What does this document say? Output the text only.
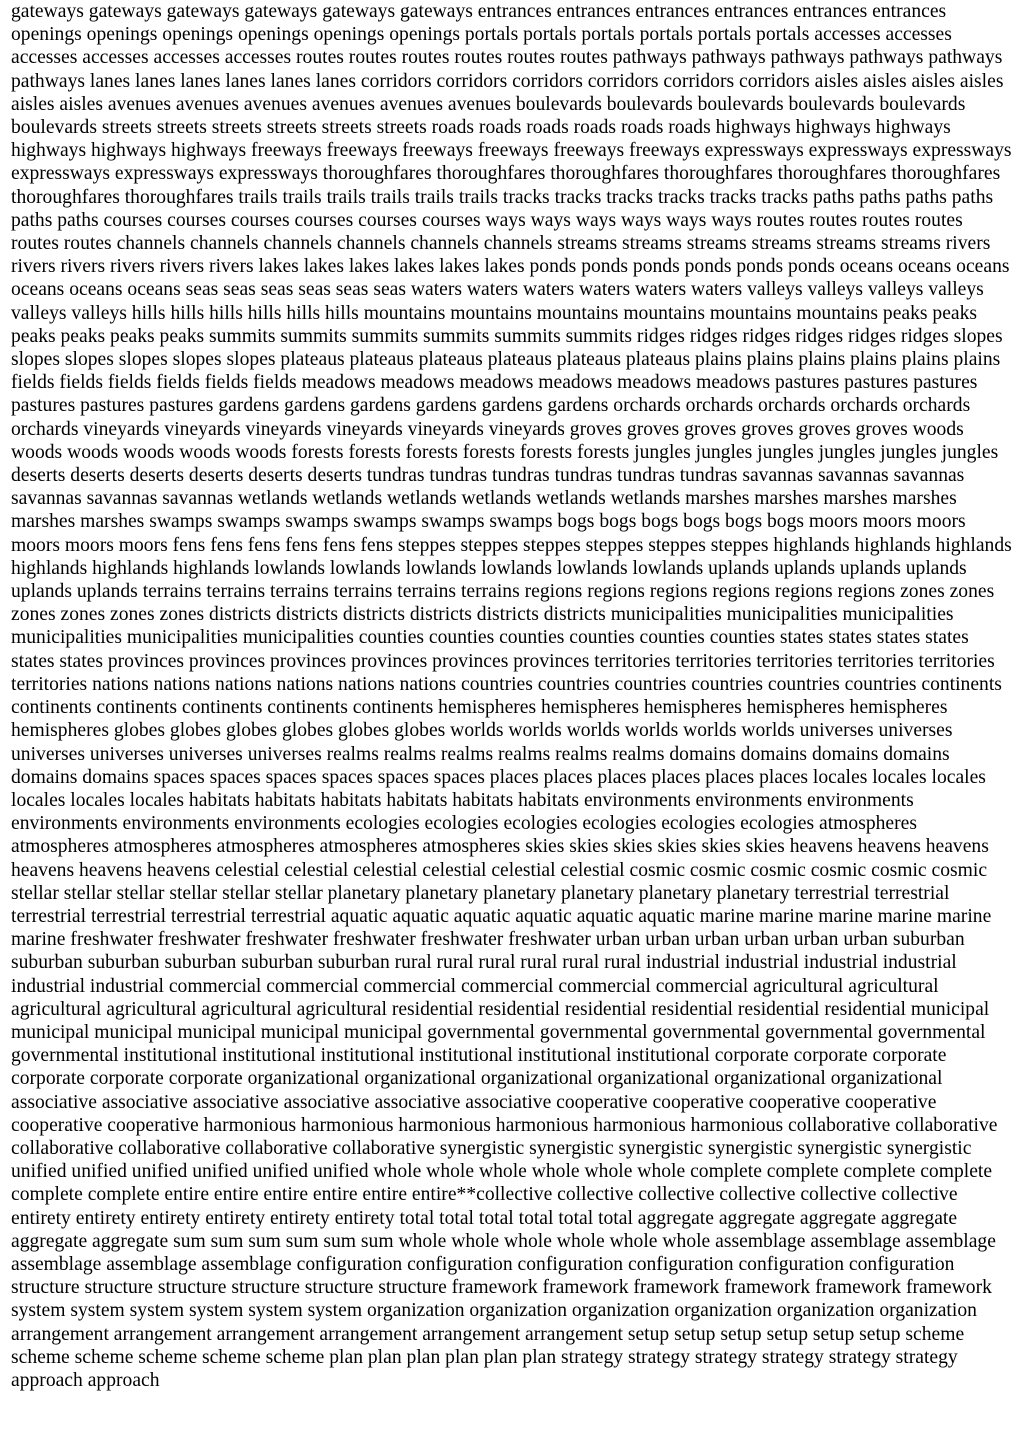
gateways gateways gateways gateways gateways gateways entrances entrances entrances entrances entrances entrances openings openings openings openings openings openings portals portals portals portals portals portals accesses accesses accesses accesses accesses accesses routes routes routes routes routes routes pathways pathways pathways pathways pathways pathways lanes lanes lanes lanes lanes lanes corridors corridors corridors corridors corridors corridors aisles aisles aisles aisles aisles aisles avenues avenues avenues avenues avenues avenues boulevards boulevards boulevards boulevards boulevards boulevards streets streets streets streets streets streets roads roads roads roads roads roads highways highways highways highways highways highways freeways freeways freeways freeways freeways freeways expressways expressways expressways expressways expressways expressways thoroughfares thoroughfares thoroughfares thoroughfares thoroughfares thoroughfares thoroughfares thoroughfares trails trails trails trails trails trails tracks tracks tracks tracks tracks tracks paths paths paths paths paths paths courses courses courses courses courses courses ways ways ways ways ways ways routes routes routes routes routes routes channels channels channels channels channels channels streams streams streams streams streams streams rivers rivers rivers rivers rivers rivers lakes lakes lakes lakes lakes lakes ponds ponds ponds ponds ponds ponds oceans oceans oceans oceans oceans oceans seas seas seas seas seas seas waters waters waters waters waters waters valleys valleys valleys valleys valleys valleys hills hills hills hills hills hills mountains mountains mountains mountains mountains mountains peaks peaks peaks peaks peaks peaks summits summits summits summits summits summits ridges ridges ridges ridges ridges ridges slopes slopes slopes slopes slopes slopes plateaus plateaus plateaus plateaus plateaus plateaus plains plains plains plains plains plains fields fields fields fields fields fields meadows meadows meadows meadows meadows meadows pastures pastures pastures pastures pastures pastures gardens gardens gardens gardens gardens gardens orchards orchards orchards orchards orchards orchards vineyards vineyards vineyards vineyards vineyards vineyards groves groves groves groves groves groves woods woods woods woods woods woods forests forests forests forests forests forests jungles jungles jungles jungles jungles jungles deserts deserts deserts deserts deserts deserts tundras tundras tundras tundras tundras tundras savannas savannas savannas savannas savannas savannas wetlands wetlands wetlands wetlands wetlands wetlands marshes marshes marshes marshes marshes marshes swamps swamps swamps swamps swamps swamps bogs bogs bogs bogs bogs bogs moors moors moors moors moors moors fens fens fens fens fens fens steppes steppes steppes steppes steppes steppes highlands highlands highlands highlands highlands highlands lowlands lowlands lowlands lowlands lowlands lowlands uplands uplands uplands uplands uplands uplands terrains terrains terrains terrains terrains terrains regions regions regions regions regions regions zones zones zones zones zones zones districts districts districts districts districts districts municipalities municipalities municipalities municipalities municipalities municipalities counties counties counties counties counties counties states states states states states states provinces provinces provinces provinces provinces provinces territories territories territories territories territories territories nations nations nations nations nations nations countries countries countries countries countries countries continents continents continents continents continents continents hemispheres hemispheres hemispheres hemispheres hemispheres hemispheres globes globes globes globes globes globes worlds worlds worlds worlds worlds worlds universes universes universes universes universes universes realms realms realms realms realms realms domains domains domains domains domains domains spaces spaces spaces spaces spaces spaces places places places places places places locales locales locales locales locales locales habitats habitats habitats habitats habitats habitats environments environments environments environments environments environments ecologies ecologies ecologies ecologies ecologies ecologies atmospheres atmospheres atmospheres atmospheres atmospheres atmospheres skies skies skies skies skies skies heavens heavens heavens heavens heavens heavens celestial celestial celestial celestial celestial celestial cosmic cosmic cosmic cosmic cosmic cosmic stellar stellar stellar stellar stellar stellar planetary planetary planetary planetary planetary planetary terrestrial terrestrial terrestrial terrestrial terrestrial terrestrial aquatic aquatic aquatic aquatic aquatic aquatic marine marine marine marine marine marine freshwater freshwater freshwater freshwater freshwater freshwater urban urban urban urban urban urban suburban suburban suburban suburban suburban suburban rural rural rural rural rural rural industrial industrial industrial industrial industrial industrial commercial commercial commercial commercial commercial commercial agricultural agricultural agricultural agricultural agricultural agricultural residential residential residential residential residential residential municipal municipal municipal municipal municipal municipal governmental governmental governmental governmental governmental governmental institutional institutional institutional institutional institutional institutional corporate corporate corporate corporate corporate corporate organizational organizational organizational organizational organizational organizational associative associative associative associative associative associative cooperative cooperative cooperative cooperative cooperative cooperative harmonious harmonious harmonious harmonious harmonious harmonious collaborative collaborative collaborative collaborative collaborative collaborative synergistic synergistic synergistic synergistic synergistic synergistic unified unified unified unified unified unified whole whole whole whole whole whole complete complete complete complete complete complete entire entire entire entire entire entire**collective collective collective collective collective collective entirety entirety entirety entirety entirety entirety total total total total total total aggregate aggregate aggregate aggregate aggregate aggregate sum sum sum sum sum sum whole whole whole whole whole whole assemblage assemblage assemblage assemblage assemblage assemblage configuration configuration configuration configuration configuration configuration structure structure structure structure structure structure framework framework framework framework framework framework system system system system system system organization organization organization organization organization organization arrangement arrangement arrangement arrangement arrangement arrangement setup setup setup setup setup setup scheme scheme scheme scheme scheme scheme plan plan plan plan plan plan strategy strategy strategy strategy strategy strategy approach approach
